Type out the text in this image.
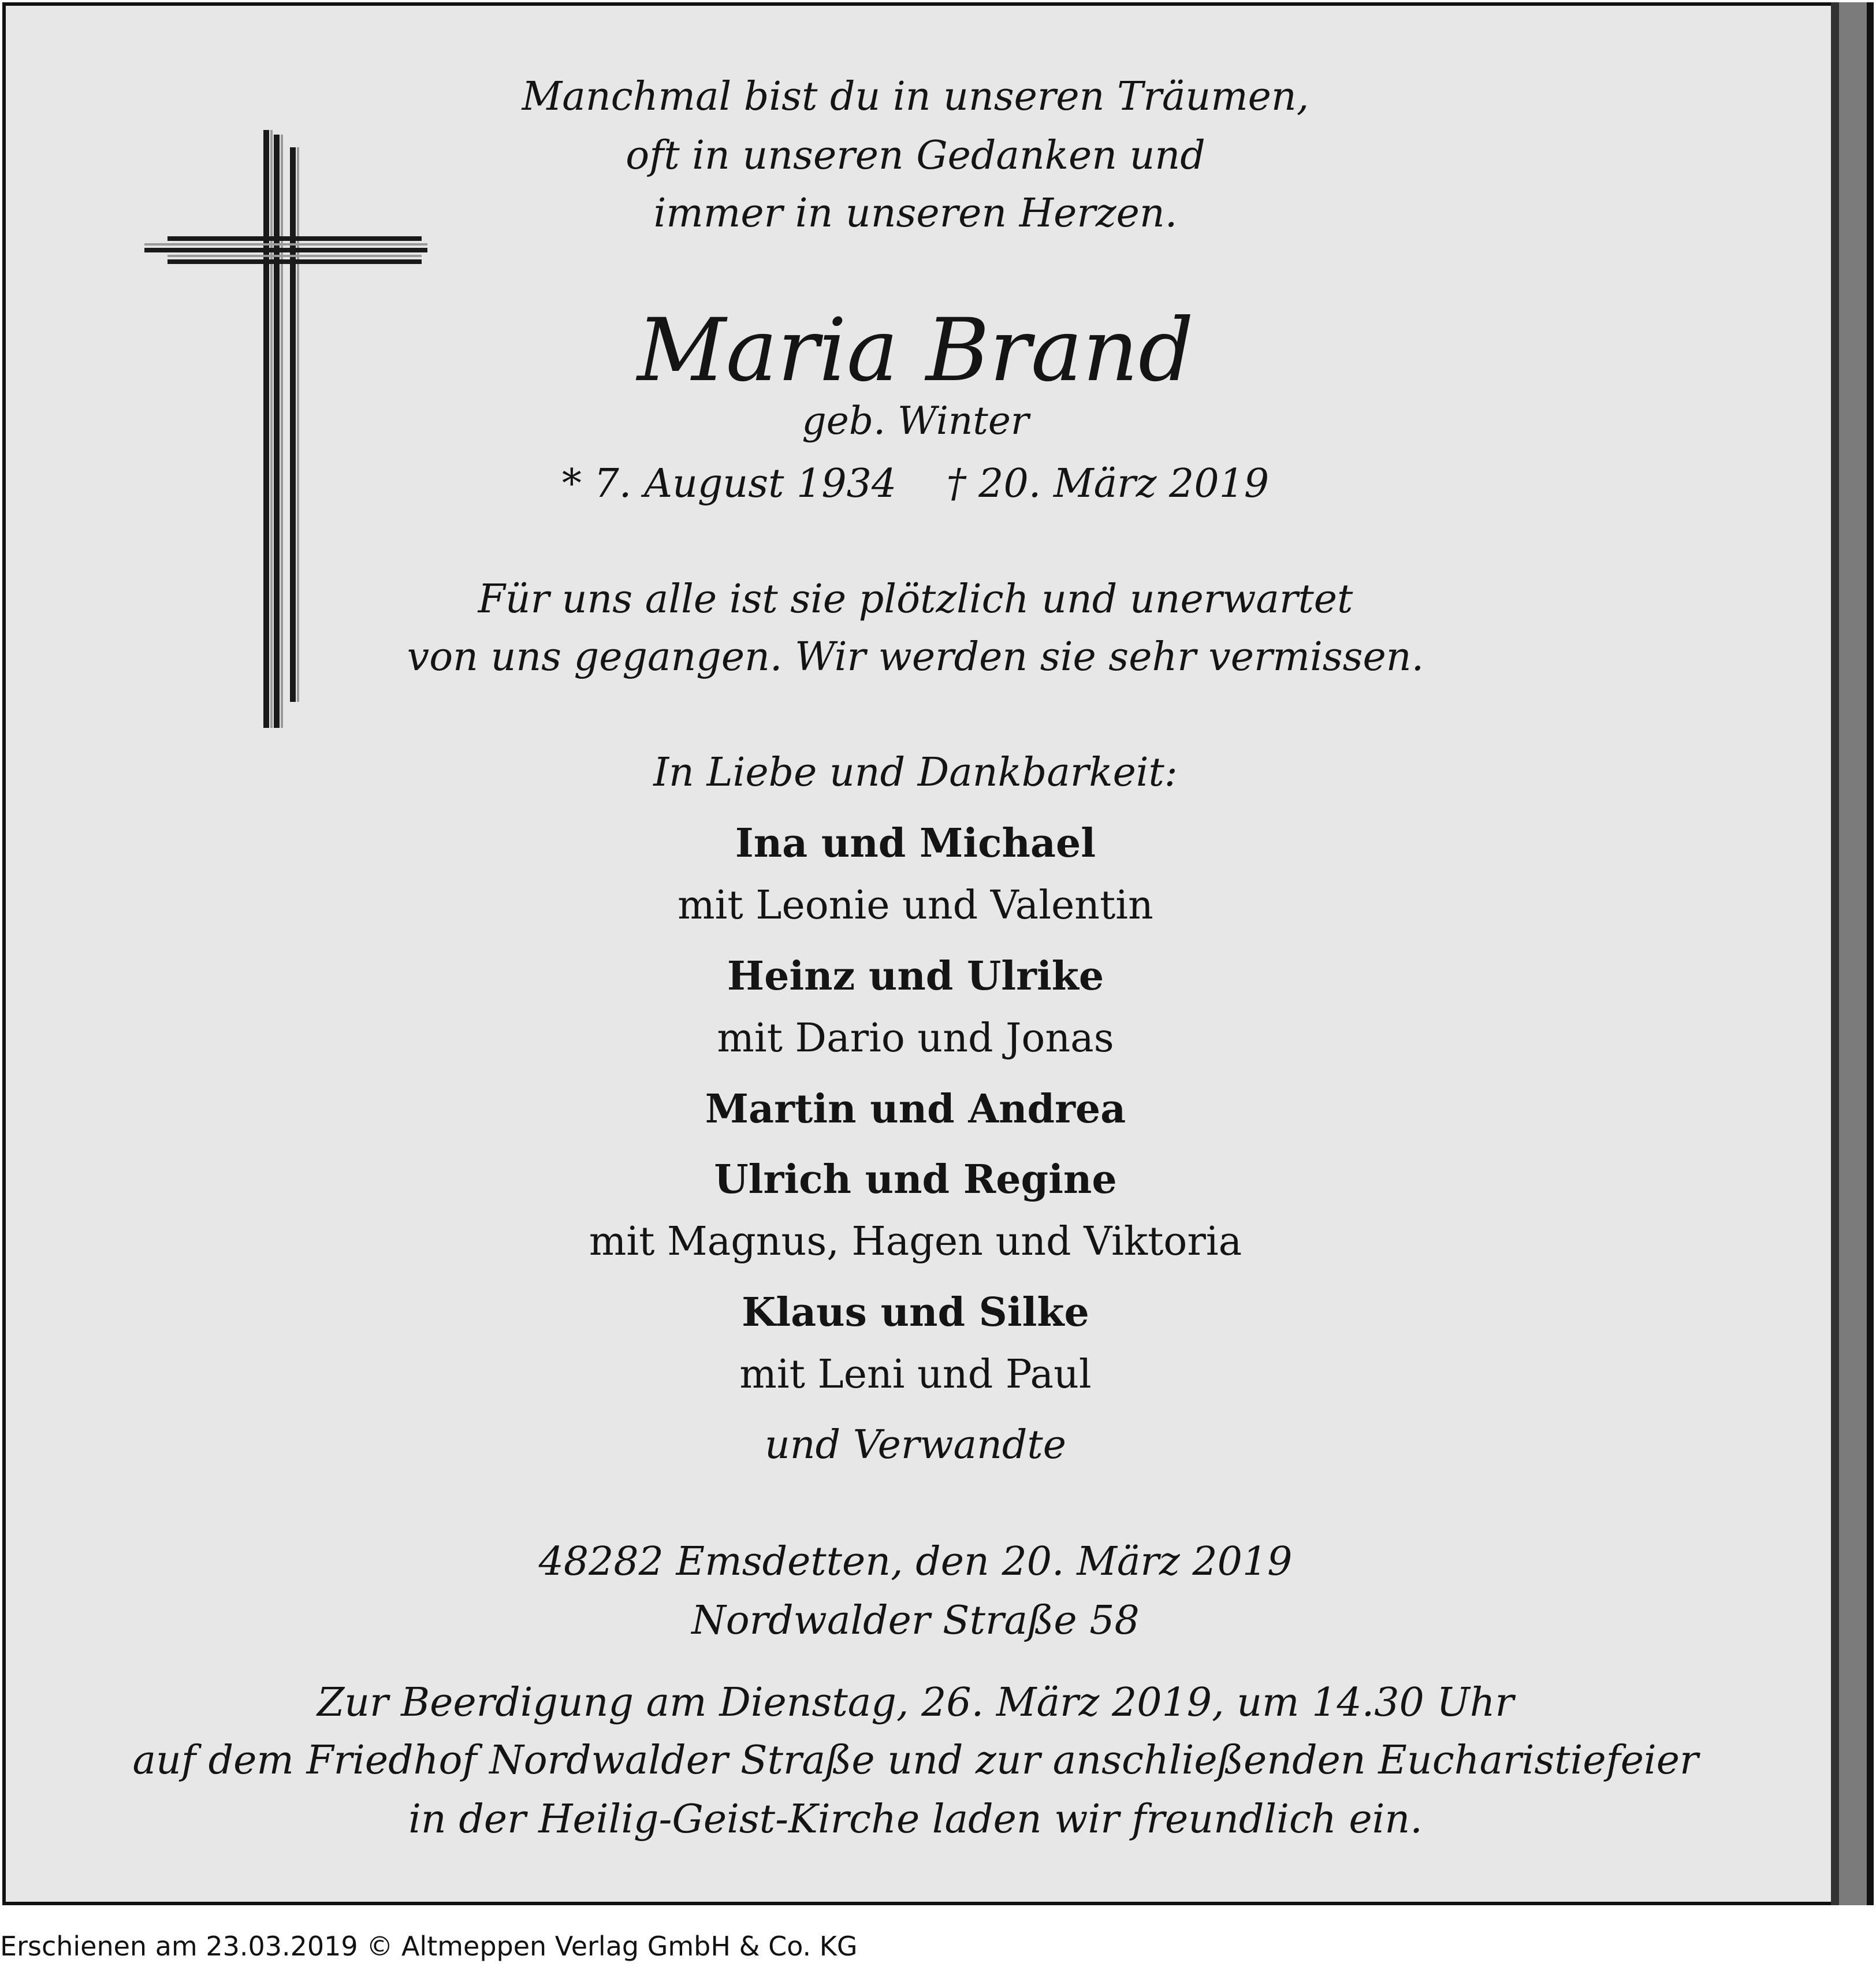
Manchmal bist du in unseren Träumen,
oft in unseren Gedanken und
immer in unseren Herzen.
Maria Brand
geb. Winter
* 7. August 1934    † 20. März 2019
Für uns alle ist sie plötzlich und unerwartet
von uns gegangen. Wir werden sie sehr vermissen.
In Liebe und Dankbarkeit:
Ina und Michael
mit Leonie und Valentin
Heinz und Ulrike
mit Dario und Jonas
Martin und Andrea
Ulrich und Regine
mit Magnus, Hagen und Viktoria
Klaus und Silke
mit Leni und Paul
und Verwandte
48282 Emsdetten, den 20. März 2019
Nordwalder Straße 58
Zur Beerdigung am Dienstag, 26. März 2019, um 14.30 Uhr
auf dem Friedhof Nordwalder Straße und zur anschließenden Eucharistiefeier
in der Heilig-Geist-Kirche laden wir freundlich ein.
Erschienen am 23.03.2019 © Altmeppen Verlag GmbH & Co. KG
